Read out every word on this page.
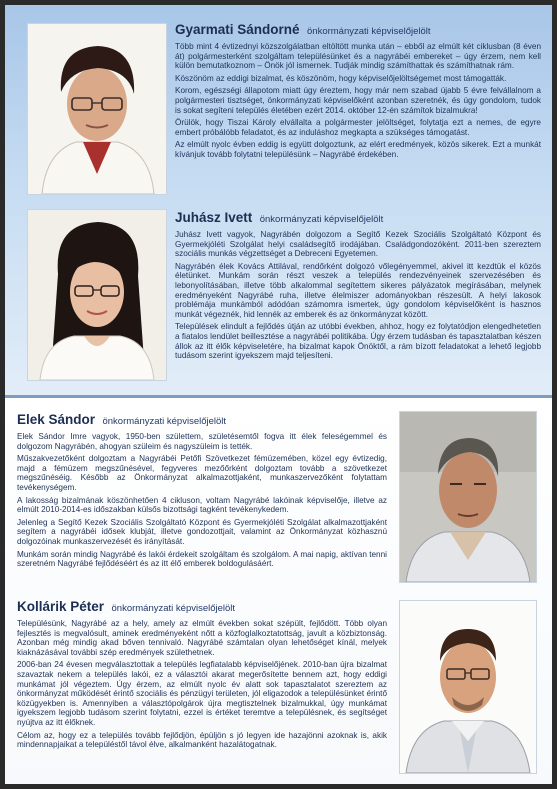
Gyarmati Sándorné önkormányzati képviselőjelölt

Több mint 4 évtizednyi közszolgálatban eltöltött munka után – ebből az elmúlt két ciklusban (8 éven át) polgármesterként szolgáltam településünket és a nagyrábéi embereket – úgy érzem, nem kell külön bemutatkoznom – Önök jól ismernek. Tudják mindig számíthattak és számíthatnak rám.

Köszönöm az eddigi bizalmat, és köszönöm, hogy képviselőjelöltségemet most támogatták.

Korom, egészségi állapotom miatt úgy éreztem, hogy már nem szabad újabb 5 évre felvállalnom a polgármesteri tisztséget, önkormányzati képviselőként azonban szeretnék, és úgy gondolom, tudok is sokat segíteni település életében ezért 2014. október 12-én számítok bizalmukra!

Örülök, hogy Tiszai Károly elvállalta a polgármester jelöltséget, folytatja ezt a nemes, de egyre embert próbálóbb feladatot, és az induláshoz megkapta a szükséges támogatást.

Az elmúlt nyolc évben eddig is együtt dolgoztunk, az elért eredmények, közös sikerek. Ezt a munkát kívánjuk tovább folytatni településünk – Nagyrábé érdekében.

Juhász Ivett önkormányzati képviselőjelölt

Juhász Ivett vagyok, Nagyrábén dolgozom a Segítő Kezek Szociális Szolgáltató Központ és Gyermekjóléti Szolgálat helyi családsegítő irodájában. Családgondozóként. 2011-ben szereztem szociális munkás végzettséget a Debreceni Egyetemen.

Nagyrábén élek Kovács Attilával, rendőrként dolgozó vőlegényemmel, akivel itt kezdtük el közös életünket. Munkám során részt veszek a település rendezvényeinek szervezésében és lebonyolításában, illetve több alkalommal segítettem sikeres pályázatok megírásában, melynek eredményeként Nagyrábé ruha, illetve élelmiszer adományokban részesült. A helyi lakosok problémája munkámból adódóan számomra ismertek, úgy gondolom képviselőként is hasznos munkát végeznék, hid lennék az emberek és az önkormányzat között.

Települések elindult a fejlődés útján az utóbbi években, ahhoz, hogy ez folytatódjon elengedhetetlen a fiatalos lendület beillesztése a nagyrábéi politikába. Úgy érzem tudásban és tapasztalatban készen állok az itt élők képviseletére, ha bizalmat kapok Önöktől, a rám bízott feladatokat a lehető legjobb tudásom szerint igyekszem majd teljesíteni.

Elek Sándor önkormányzati képviselőjelölt

Elek Sándor Imre vagyok, 1950-ben születtem, születésemtől fogva itt élek feleségemmel és dolgozom Nagyrábén, ahogyan szüleim és nagyszüleim is tették.

Műszakvezetőként dolgoztam a Nagyrábéi Petőfi Szövetkezet fémüzemében, közel egy évtizedig, majd a fémüzem megszűnésével, fegyveres mezőőrként dolgoztam tovább a szövetkezet megszűnéséig. Később az Önkormányzat alkalmazottjaként, munkaszervezőként folytattam tevékenységem.

A lakosság bizalmának köszönhetően 4 cikluson, voltam Nagyrábé lakóinak képviselője, illetve az elmúlt 2010-2014-es időszakban külsős bizottsági tagként tevékenykedem.

Jelenleg a Segítő Kezek Szociális Szolgáltató Központ és Gyermekjóléti Szolgálat alkalmazottjaként segítem a nagyrábéi idősek klubját, illetve gondozottjait, valamint az Önkormányzat közhasznú dolgozóinak munkaszervezését és irányítását.

Munkám során mindig Nagyrábé és lakói érdekeit szolgáltam és szolgálom. A mai napig, aktívan tenni szeretném Nagyrábé fejlődéséért és az itt élő emberek boldogulásáért.

Kollárik Péter önkormányzati képviselőjelölt

Településünk, Nagyrábé az a hely, amely az elmúlt években sokat szépült, fejlődött. Több olyan fejlesztés is megvalósult, aminek eredményeként nőtt a közfoglalkoztatottság, javult a közbiztonság. Azonban még mindig akad bőven tennivaló. Nagyrábé számtalan olyan lehetőséget kínál, melyek kiaknázásával további szép eredmények születhetnek.

2006-ban 24 évesen megválasztottak a település legfiatalabb képviselőjének. 2010-ban újra bizalmat szavaztak nekem a település lakói, ez a választói akarat megerősítette bennem azt, hogy eddigi munkámat jól végeztem. Úgy érzem, az elmúlt nyolc év alatt sok tapasztalatot szereztem az önkormányzat működését érintő szociális és pénzügyi területen, jól eligazodok a településünket érintő közügyekben is. Amennyiben a választópolgárok újra megtisztelnek bizalmukkal, úgy munkámat igyekszem legjobb tudásom szerint folytatni, ezzel is értéket teremtve a településnek, és segítséget nyújtva az itt élőknek.

Célom az, hogy ez a település tovább fejlődjön, épüljön s jó legyen ide hazajönni azoknak is, akik mindennapjaikat a településtől távol élve, alkalmanként hazalátogatnak.
